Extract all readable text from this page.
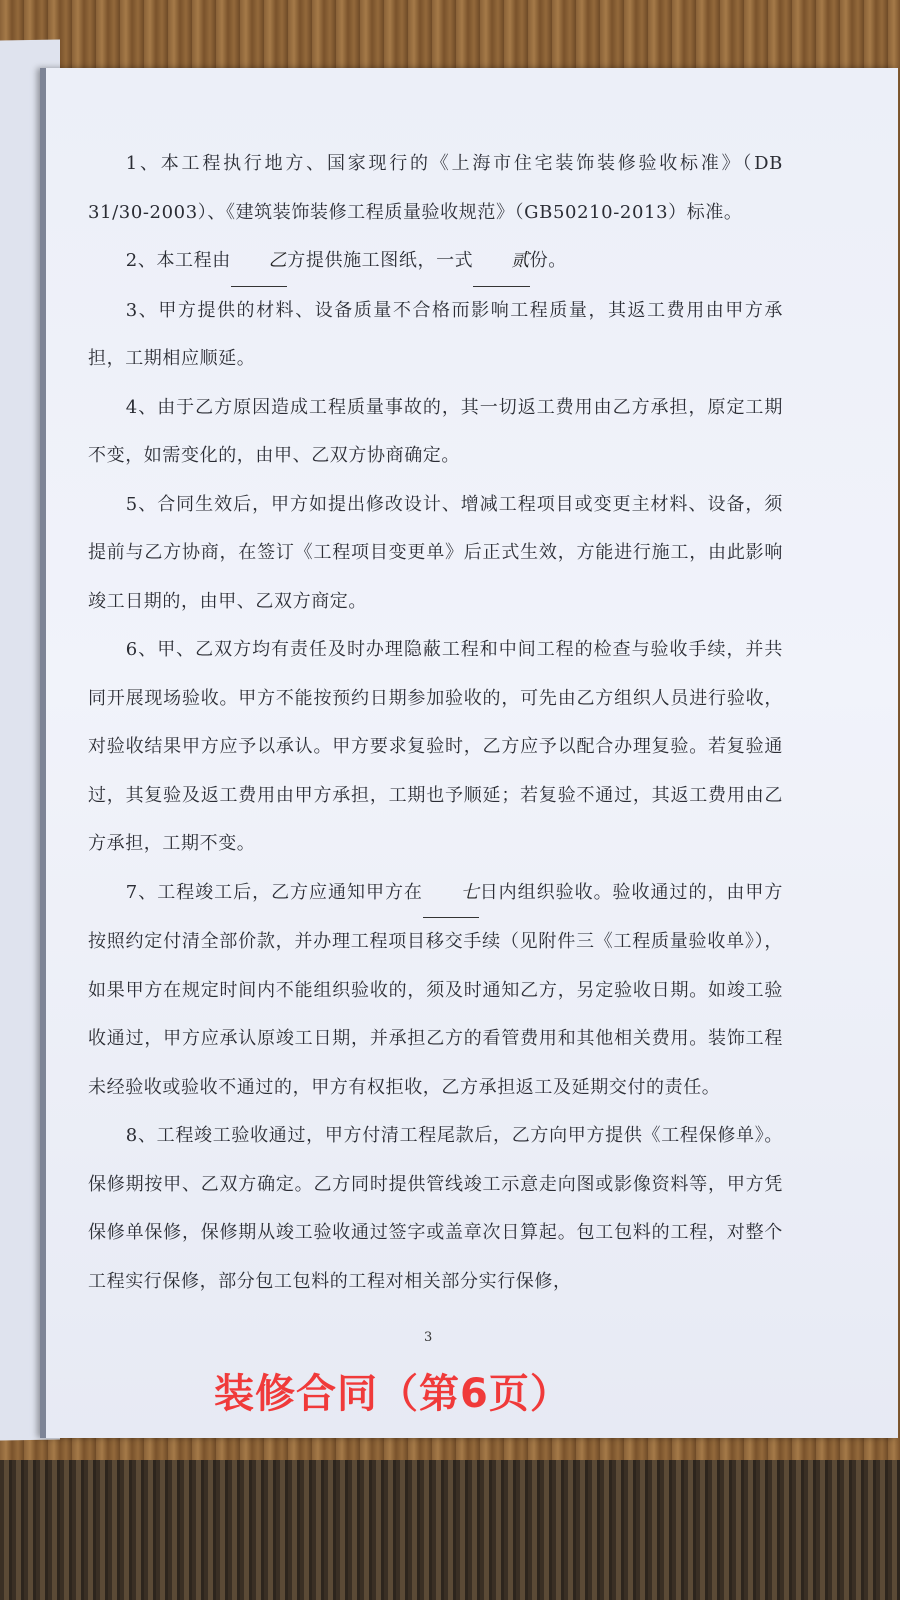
1、本工程执行地方、国家现行的《上海市住宅装饰装修验收标准》（DB 31/30-2003）、《建筑装饰装修工程质量验收规范》（GB50210-2013）标准。

2、本工程由 乙方提供施工图纸，一式 贰份。

3、甲方提供的材料、设备质量不合格而影响工程质量，其返工费用由甲方承担，工期相应顺延。

4、由于乙方原因造成工程质量事故的，其一切返工费用由乙方承担，原定工期不变，如需变化的，由甲、乙双方协商确定。

5、合同生效后，甲方如提出修改设计、增减工程项目或变更主材料、设备，须提前与乙方协商，在签订《工程项目变更单》后正式生效，方能进行施工，由此影响竣工日期的，由甲、乙双方商定。

6、甲、乙双方均有责任及时办理隐蔽工程和中间工程的检查与验收手续，并共同开展现场验收。甲方不能按预约日期参加验收的，可先由乙方组织人员进行验收，对验收结果甲方应予以承认。甲方要求复验时，乙方应予以配合办理复验。若复验通过，其复验及返工费用由甲方承担，工期也予顺延；若复验不通过，其返工费用由乙方承担，工期不变。

7、工程竣工后，乙方应通知甲方在 七日内组织验收。验收通过的，由甲方按照约定付清全部价款，并办理工程项目移交手续（见附件三《工程质量验收单》），如果甲方在规定时间内不能组织验收的，须及时通知乙方，另定验收日期。如竣工验收通过，甲方应承认原竣工日期，并承担乙方的看管费用和其他相关费用。装饰工程未经验收或验收不通过的，甲方有权拒收，乙方承担返工及延期交付的责任。

8、工程竣工验收通过，甲方付清工程尾款后，乙方向甲方提供《工程保修单》。保修期按甲、乙双方确定。乙方同时提供管线竣工示意走向图或影像资料等，甲方凭保修单保修，保修期从竣工验收通过签字或盖章次日算起。包工包料的工程，对整个工程实行保修，部分包工包料的工程对相关部分实行保修，

3
装修合同（第6页）
